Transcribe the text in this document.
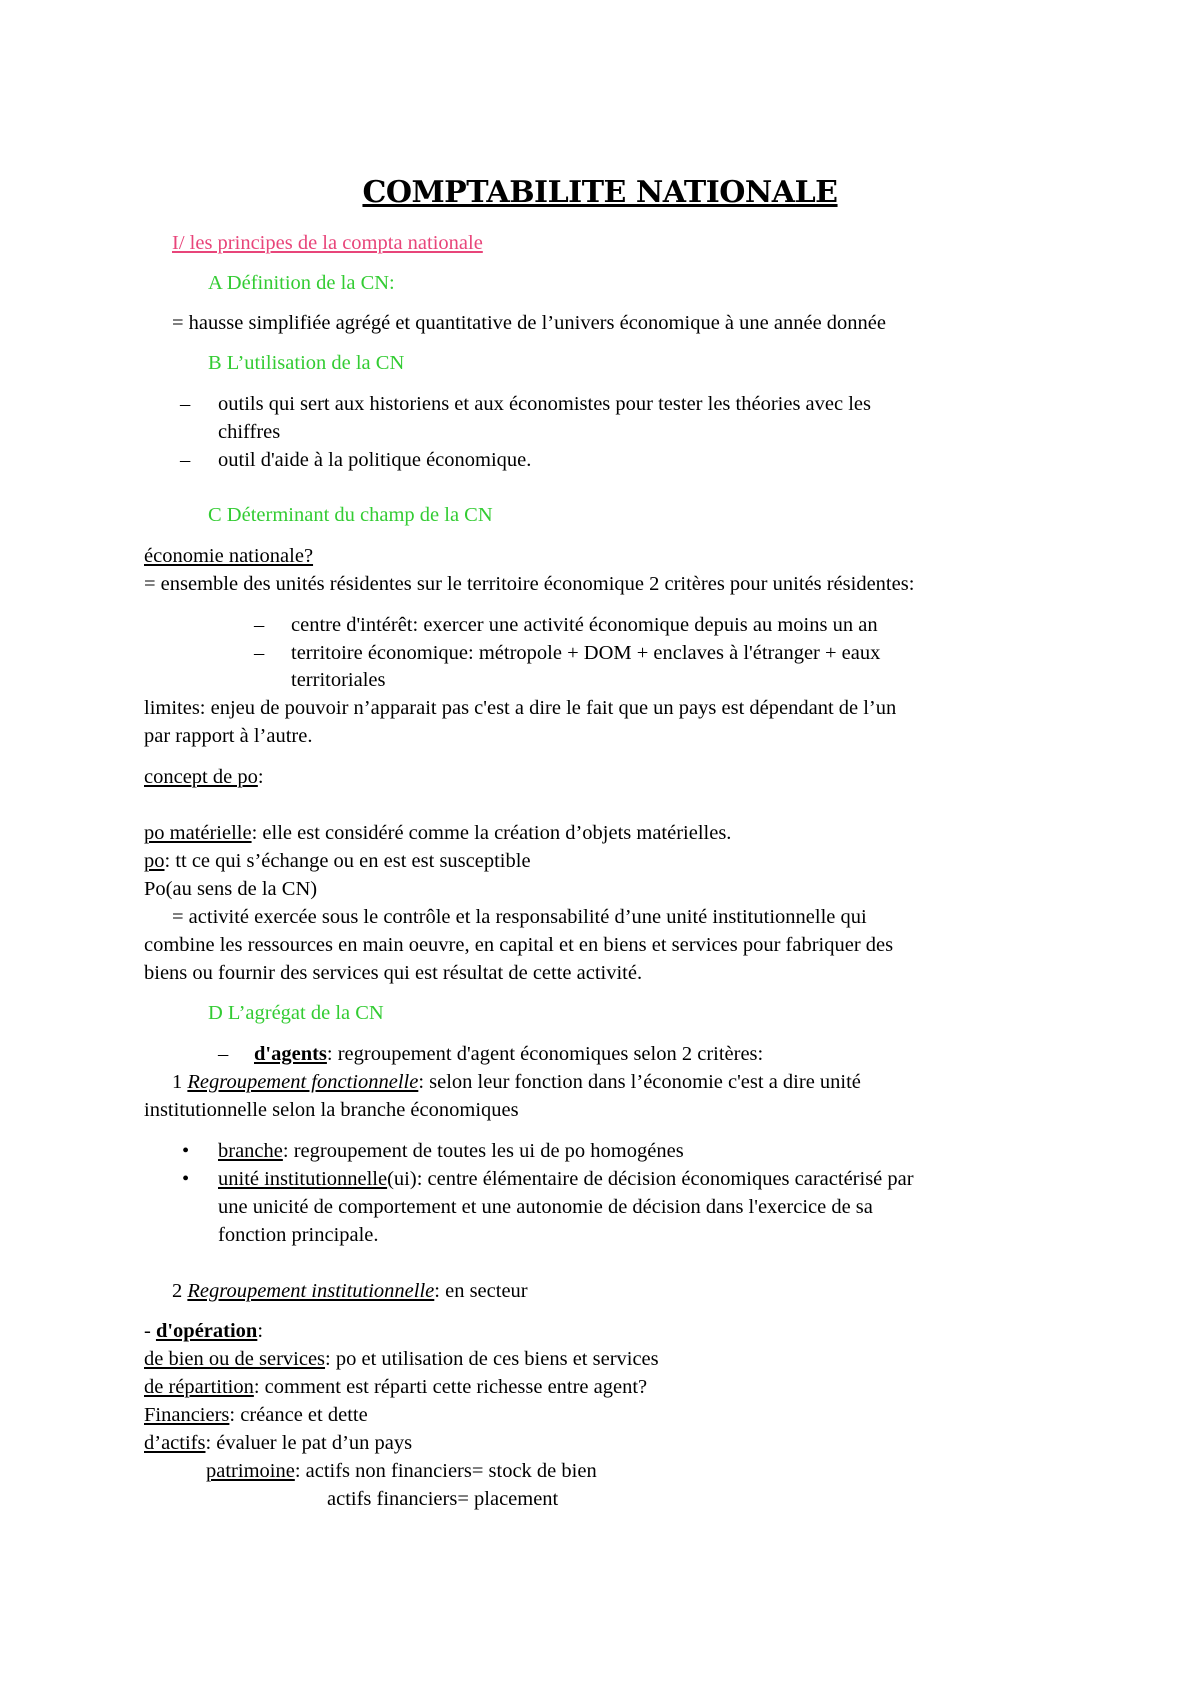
COMPTABILITE NATIONALE
I/ les principes de la compta nationale
A Définition de la CN:
= hausse simplifiée agrégé et quantitative de l’univers économique à une année donnée
B L’utilisation de la CN
– outils qui sert aux historiens et aux économistes pour tester les théories avec les
chiffres
– outil d'aide à la politique économique.
C Déterminant du champ de la CN
économie nationale?
= ensemble des unités résidentes sur le territoire économique 2 critères pour unités résidentes:
– centre d'intérêt: exercer une activité économique depuis au moins un an
– territoire économique: métropole + DOM + enclaves à l'étranger + eaux
territoriales
limites: enjeu de pouvoir n’apparait pas c'est a dire le fait que un pays est dépendant de l’un
par rapport à l’autre.
concept de po:
po matérielle: elle est considéré comme la création d’objets matérielles.
po: tt ce qui s’échange ou en est est susceptible
Po(au sens de la CN)
= activité exercée sous le contrôle et la responsabilité d’une unité institutionnelle qui
combine les ressources en main oeuvre, en capital et en biens et services pour fabriquer des
biens ou fournir des services qui est résultat de cette activité.
D L’agrégat de la CN
– d'agents: regroupement d'agent économiques selon 2 critères:
1 Regroupement fonctionnelle: selon leur fonction dans l’économie c'est a dire unité
institutionnelle selon la branche économiques
• branche: regroupement de toutes les ui de po homogénes
• unité institutionnelle(ui): centre élémentaire de décision économiques caractérisé par
une unicité de comportement et une autonomie de décision dans l'exercice de sa
fonction principale.
2 Regroupement institutionnelle: en secteur
- d'opération:
de bien ou de services: po et utilisation de ces biens et services
de répartition: comment est réparti cette richesse entre agent?
Financiers: créance et dette
d’actifs: évaluer le pat d’un pays
patrimoine: actifs non financiers= stock de bien
actifs financiers= placement
